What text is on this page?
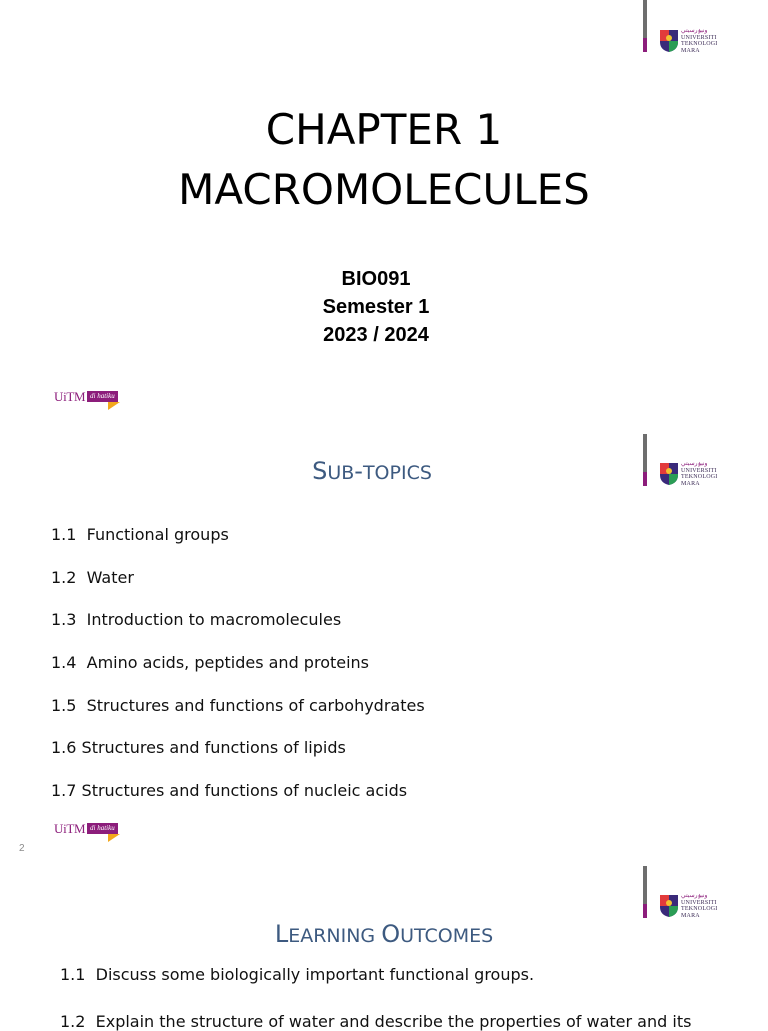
ونيۏرسيتي
UNIVERSITI
TEKNOLOGI
MARA
CHAPTER 1
MACROMOLECULES
BIO091
Semester 1
2023 / 2024
UiTM di hatiku
ونيۏرسيتي
UNIVERSITI
TEKNOLOGI
MARA
SUB-TOPICS
1.1  Functional groups
1.2  Water
1.3  Introduction to macromolecules
1.4  Amino acids, peptides and proteins
1.5  Structures and functions of carbohydrates
1.6 Structures and functions of lipids
1.7 Structures and functions of nucleic acids
UiTM di hatiku
2
ونيۏرسيتي
UNIVERSITI
TEKNOLOGI
MARA
LEARNING OUTCOMES
1.1  Discuss some biologically important functional groups.
1.2  Explain the structure of water and describe the properties of water and its
